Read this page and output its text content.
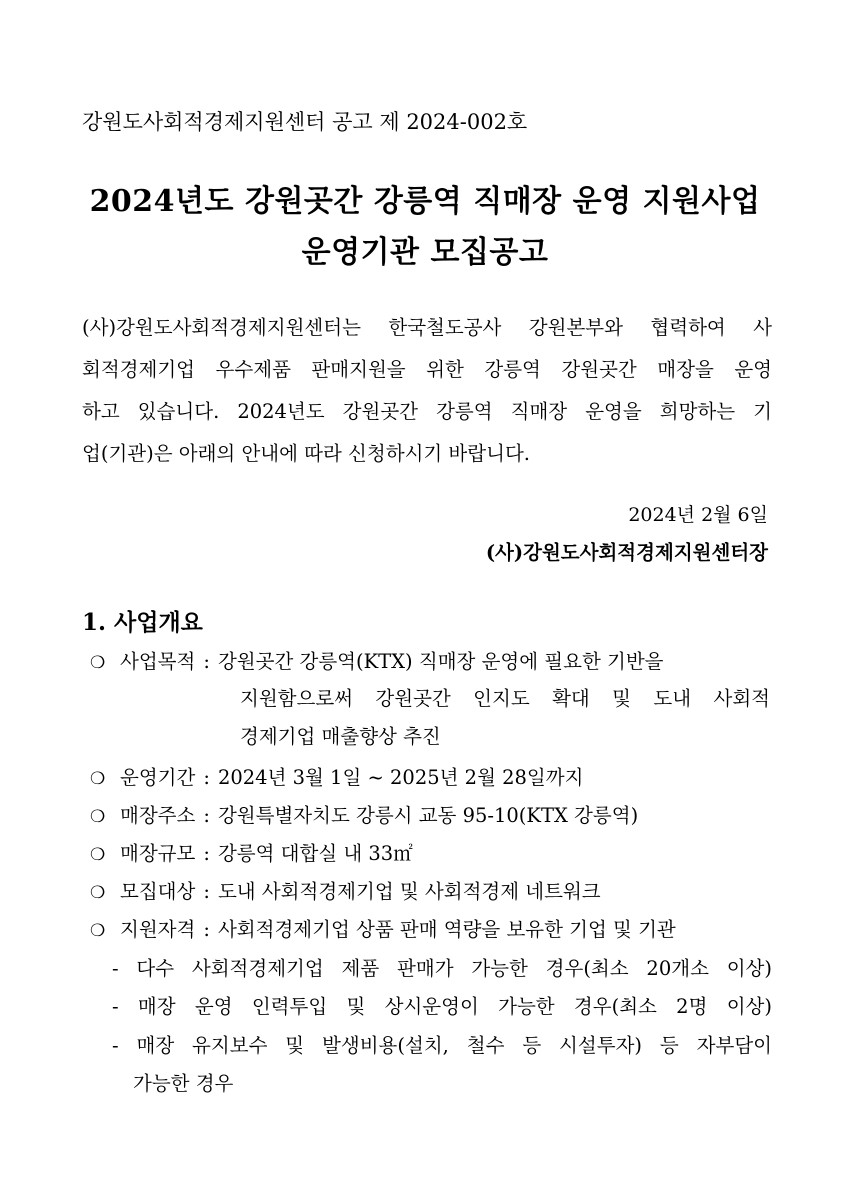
강원도사회적경제지원센터 공고 제 2024-002호
2024년도 강원곳간 강릉역 직매장 운영 지원사업
운영기관 모집공고
(사)강원도사회적경제지원센터는 한국철도공사 강원본부와 협력하여 사
회적경제기업 우수제품 판매지원을 위한 강릉역 강원곳간 매장을 운영
하고 있습니다. 2024년도 강원곳간 강릉역 직매장 운영을 희망하는 기
업(기관)은 아래의 안내에 따라 신청하시기 바랍니다.
2024년 2월 6일
(사)강원도사회적경제지원센터장
1. 사업개요
❍ 사업목적 : 강원곳간 강릉역(KTX) 직매장 운영에 필요한 기반을
지원함으로써 강원곳간 인지도 확대 및 도내 사회적
경제기업 매출향상 추진
❍ 운영기간 : 2024년 3월 1일 ~ 2025년 2월 28일까지
❍ 매장주소 : 강원특별자치도 강릉시 교동 95-10(KTX 강릉역)
❍ 매장규모 : 강릉역 대합실 내 33㎡
❍ 모집대상 : 도내 사회적경제기업 및 사회적경제 네트워크
❍ 지원자격 : 사회적경제기업 상품 판매 역량을 보유한 기업 및 기관
- 다수 사회적경제기업 제품 판매가 가능한 경우(최소 20개소 이상)
- 매장 운영 인력투입 및 상시운영이 가능한 경우(최소 2명 이상)
- 매장 유지보수 및 발생비용(설치, 철수 등 시설투자) 등 자부담이
가능한 경우
